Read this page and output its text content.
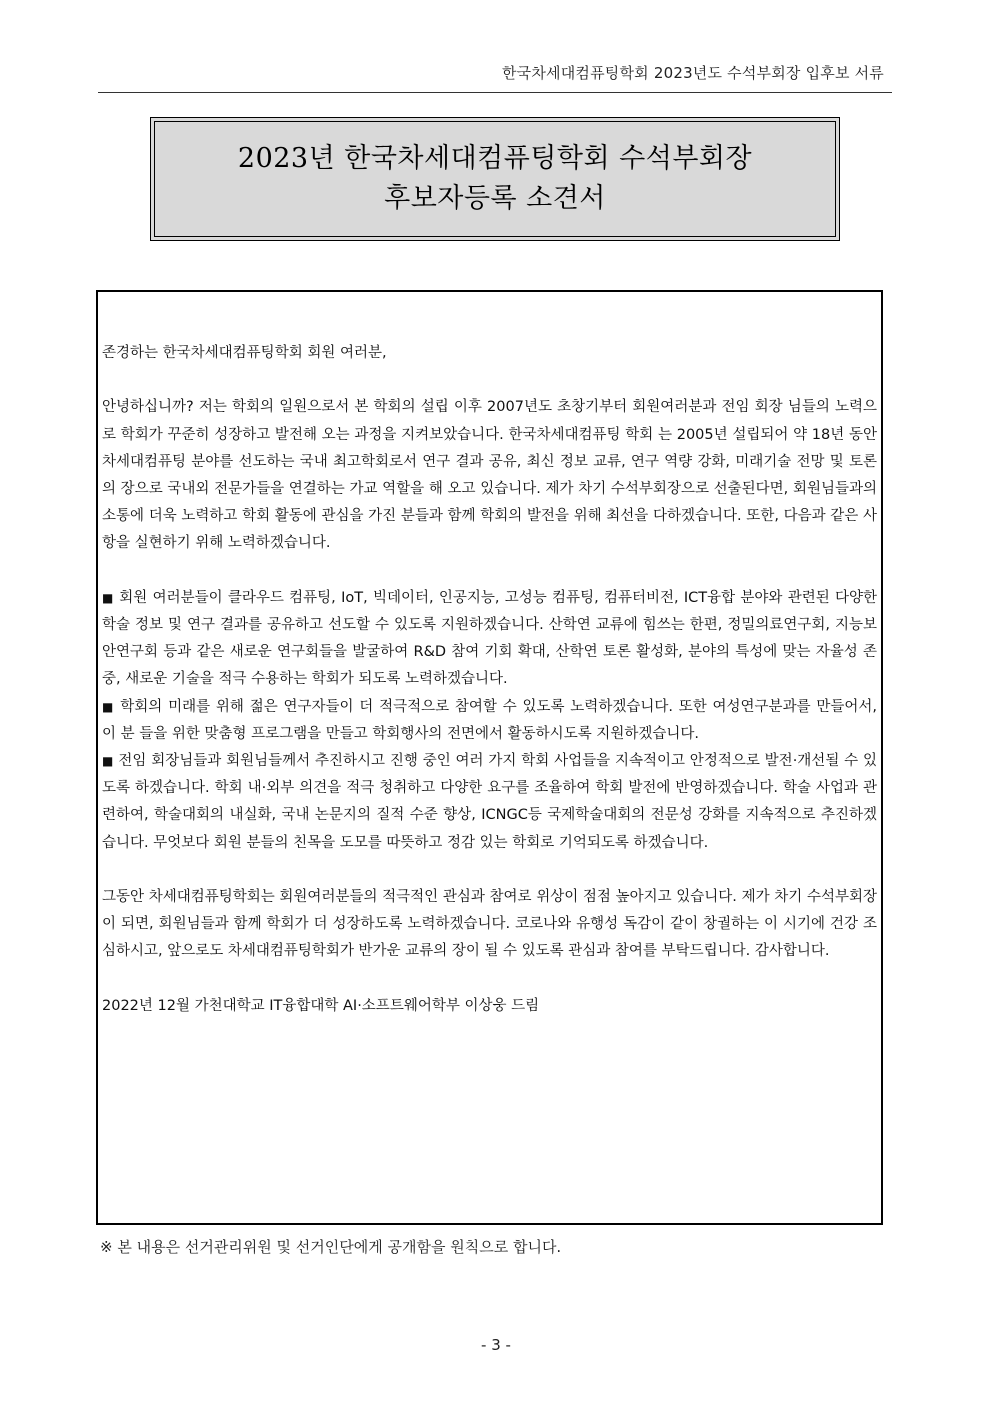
한국차세대컴퓨팅학회 2023년도 수석부회장 입후보 서류
2023년 한국차세대컴퓨팅학회 수석부회장
후보자등록 소견서

존경하는 한국차세대컴퓨팅학회 회원 여러분,

안녕하십니까? 저는 학회의 일원으로서 본 학회의 설립 이후 2007년도 초창기부터 회원여러분과 전임 회장 님들의 노력으로 학회가 꾸준히 성장하고 발전해 오는 과정을 지켜보았습니다. 한국차세대컴퓨팅 학회 는 2005년 설립되어 약 18년 동안 차세대컴퓨팅 분야를 선도하는 국내 최고학회로서 연구 결과 공유, 최신 정보 교류, 연구 역량 강화, 미래기술 전망 및 토론의 장으로 국내외 전문가들을 연결하는 가교 역할을 해 오고 있습니다. 제가 차기 수석부회장으로 선출된다면, 회원님들과의 소통에 더욱 노력하고 학회 활동에 관심을 가진 분들과 함께 학회의 발전을 위해 최선을 다하겠습니다. 또한, 다음과 같은 사 항을 실현하기 위해 노력하겠습니다.

■ 회원 여러분들이 클라우드 컴퓨팅, IoT, 빅데이터, 인공지능, 고성능 컴퓨팅, 컴퓨터비전, ICT융합 분야와 관련된 다양한 학술 정보 및 연구 결과를 공유하고 선도할 수 있도록 지원하겠습니다. 산학연 교류에 힘쓰는 한편, 정밀의료연구회, 지능보안연구회 등과 같은 새로운 연구회들을 발굴하여 R&D 참여 기회 확대, 산학연 토론 활성화, 분야의 특성에 맞는 자율성 존중, 새로운 기술을 적극 수용하는 학회가 되도록 노력하겠습니다.

■ 학회의 미래를 위해 젊은 연구자들이 더 적극적으로 참여할 수 있도록 노력하겠습니다. 또한 여성연구분과를 만들어서, 이 분 들을 위한 맞춤형 프로그램을 만들고 학회행사의 전면에서 활동하시도록 지원하겠습니다.

■ 전임 회장님들과 회원님들께서 추진하시고 진행 중인 여러 가지 학회 사업들을 지속적이고 안정적으로 발전·개선될 수 있도록 하겠습니다. 학회 내·외부 의견을 적극 청취하고 다양한 요구를 조율하여 학회 발전에 반영하겠습니다. 학술 사업과 관련하여, 학술대회의 내실화, 국내 논문지의 질적 수준 향상, ICNGC등 국제학술대회의 전문성 강화를 지속적으로 추진하겠습니다. 무엇보다 회원 분들의 친목을 도모를 따뜻하고 정감 있는 학회로 기억되도록 하겠습니다.

그동안 차세대컴퓨팅학회는 회원여러분들의 적극적인 관심과 참여로 위상이 점점 높아지고 있습니다. 제가 차기 수석부회장이 되면, 회원님들과 함께 학회가 더 성장하도록 노력하겠습니다. 코로나와 유행성 독감이 같이 창궐하는 이 시기에 건강 조심하시고, 앞으로도 차세대컴퓨팅학회가 반가운 교류의 장이 될 수 있도록 관심과 참여를 부탁드립니다. 감사합니다.

2022년 12월 가천대학교 IT융합대학 AI·소프트웨어학부 이상웅 드림

※ 본 내용은 선거관리위원 및 선거인단에게 공개함을 원칙으로 합니다.
- 3 -
